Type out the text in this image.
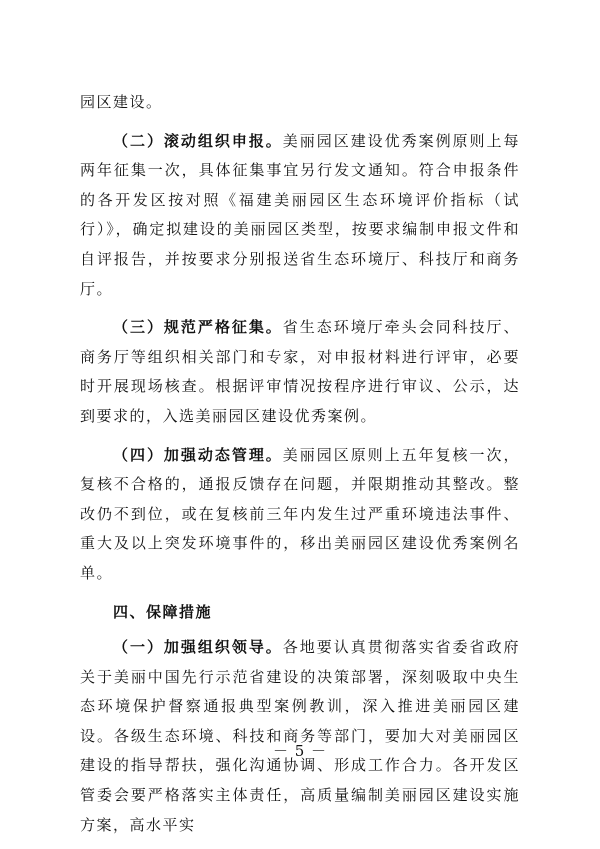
园区建设。

（二）滚动组织申报。美丽园区建设优秀案例原则上每两年征集一次，具体征集事宜另行发文通知。符合申报条件的各开发区按对照《福建美丽园区生态环境评价指标（试行）》，确定拟建设的美丽园区类型，按要求编制申报文件和自评报告，并按要求分别报送省生态环境厅、科技厅和商务厅。

（三）规范严格征集。省生态环境厅牵头会同科技厅、商务厅等组织相关部门和专家，对申报材料进行评审，必要时开展现场核查。根据评审情况按程序进行审议、公示，达到要求的，入选美丽园区建设优秀案例。

（四）加强动态管理。美丽园区原则上五年复核一次，复核不合格的，通报反馈存在问题，并限期推动其整改。整改仍不到位，或在复核前三年内发生过严重环境违法事件、重大及以上突发环境事件的，移出美丽园区建设优秀案例名单。

四、保障措施

（一）加强组织领导。各地要认真贯彻落实省委省政府关于美丽中国先行示范省建设的决策部署，深刻吸取中央生态环境保护督察通报典型案例教训，深入推进美丽园区建设。各级生态环境、科技和商务等部门，要加大对美丽园区建设的指导帮扶，强化沟通协调、形成工作合力。各开发区管委会要严格落实主体责任，高质量编制美丽园区建设实施方案，高水平实

－ 5 －
